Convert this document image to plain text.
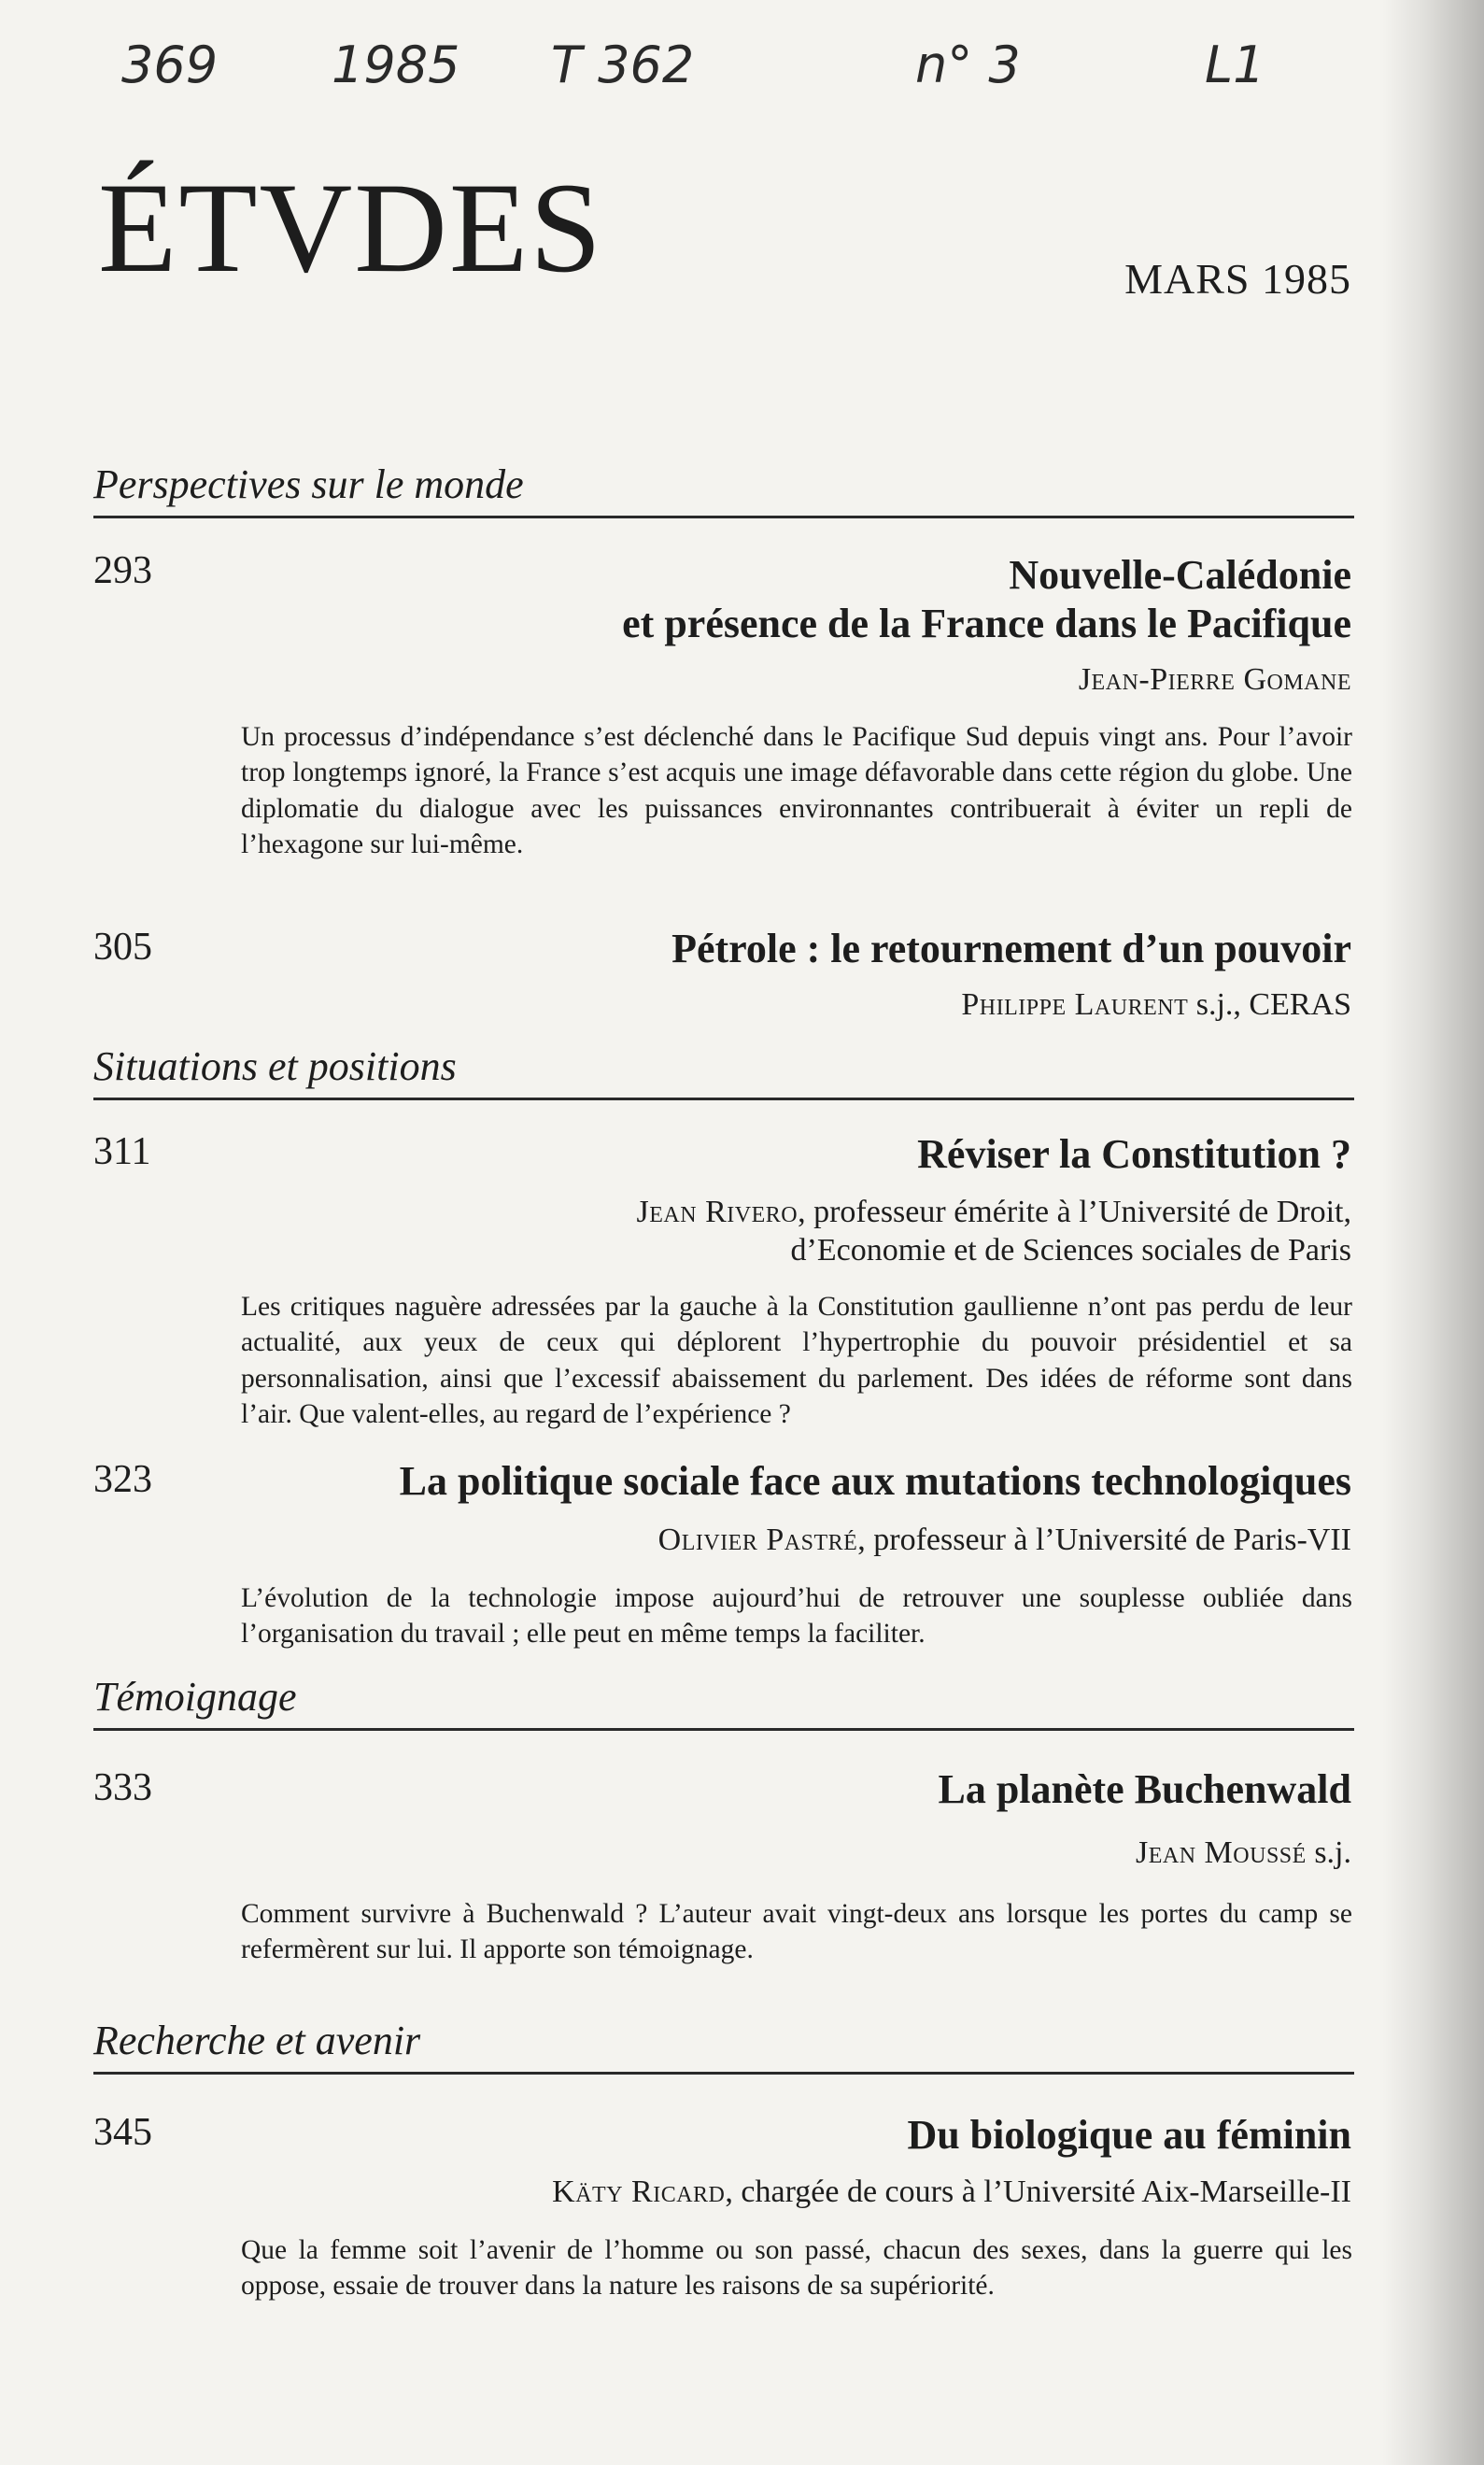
369 1985 T 362	n° 3	L1
ÉTVDES	MARS 1985
Perspectives sur le monde
293	Nouvelle-Calédonie
et présence de la France dans le Pacifique
Jean-Pierre Gomane
Un processus d’indépendance s’est déclenché dans le Pacifique Sud depuis vingt ans. Pour l’avoir trop longtemps ignoré, la France s’est acquis une image défavorable dans cette région du globe. Une diplomatie du dialogue avec les puissances environnantes contribuerait à éviter un repli de l’hexagone sur lui-même.
305	Pétrole : le retournement d’un pouvoir
Philippe Laurent s.j., CERAS
Situations et positions
311	Réviser la Constitution ?
Jean Rivero, professeur émérite à l’Université de Droit,
d’Economie et de Sciences sociales de Paris
Les critiques naguère adressées par la gauche à la Constitution gaullienne n’ont pas perdu de leur actualité, aux yeux de ceux qui déplorent l’hypertrophie du pouvoir présidentiel et sa personnalisation, ainsi que l’excessif abaissement du parlement. Des idées de réforme sont dans l’air. Que valent-elles, au regard de l’expérience ?
323	La politique sociale face aux mutations technologiques
Olivier Pastré, professeur à l’Université de Paris-VII
L’évolution de la technologie impose aujourd’hui de retrouver une souplesse oubliée dans l’organisation du travail ; elle peut en même temps la faciliter.
Témoignage
333	La planète Buchenwald
Jean Moussé s.j.
Comment survivre à Buchenwald ? L’auteur avait vingt-deux ans lorsque les portes du camp se refermèrent sur lui. Il apporte son témoignage.
Recherche et avenir
345	Du biologique au féminin
Käty Ricard, chargée de cours à l’Université Aix-Marseille-II
Que la femme soit l’avenir de l’homme ou son passé, chacun des sexes, dans la guerre qui les oppose, essaie de trouver dans la nature les raisons de sa supériorité.
